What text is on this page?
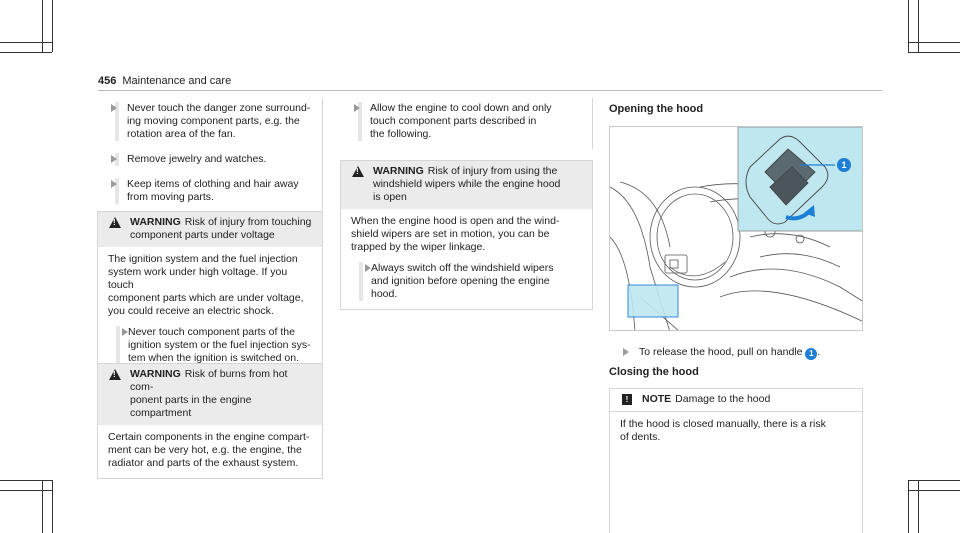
456 Maintenance and care
Never touch the danger zone surround-
ing moving component parts, e.g. the
rotation area of the fan.
Remove jewelry and watches.
Keep items of clothing and hair away
from moving parts.
!
WARNING Risk of injury from touching
component parts under voltage
The ignition system and the fuel injection
system work under high voltage. If you touch
component parts which are under voltage,
you could receive an electric shock.
Never touch component parts of the
ignition system or the fuel injection sys-
tem when the ignition is switched on.
!
WARNING Risk of burns from hot com-
ponent parts in the engine compartment
Certain components in the engine compart-
ment can be very hot, e.g. the engine, the
radiator and parts of the exhaust system.
Allow the engine to cool down and only
touch component parts described in
the following.
!
WARNING Risk of injury from using the
windshield wipers while the engine hood
is open
When the engine hood is open and the wind-
shield wipers are set in motion, you can be
trapped by the wiper linkage.
Always switch off the windshield wipers
and ignition before opening the engine
hood.
Opening the hood
1
To release the hood, pull on handle 1 .
Closing the hood
!	NOTE Damage to the hood
If the hood is closed manually, there is a risk
of dents.
